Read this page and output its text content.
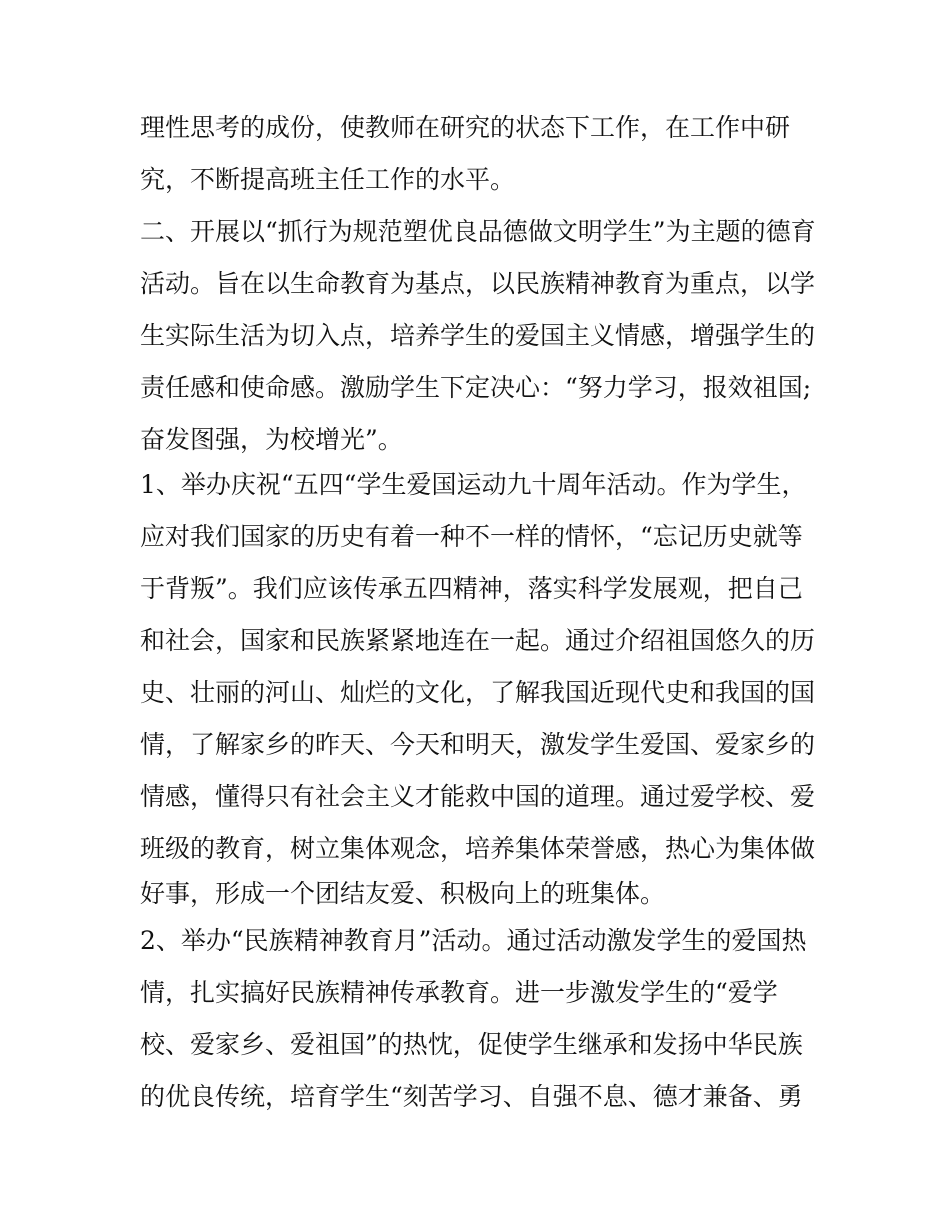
理性思考的成份，使教师在研究的状态下工作，在工作中研
究，不断提高班主任工作的水平。
二、开展以“抓行为规范塑优良品德做文明学生”为主题的德育
活动。旨在以生命教育为基点，以民族精神教育为重点，以学
生实际生活为切入点，培养学生的爱国主义情感，增强学生的
责任感和使命感。激励学生下定决心：“努力学习，报效祖国;
奋发图强，为校增光”。
1、举办庆祝“五四“学生爱国运动九十周年活动。作为学生，
应对我们国家的历史有着一种不一样的情怀，“忘记历史就等
于背叛”。我们应该传承五四精神，落实科学发展观，把自己
和社会，国家和民族紧紧地连在一起。通过介绍祖国悠久的历
史、壮丽的河山、灿烂的文化，了解我国近现代史和我国的国
情，了解家乡的昨天、今天和明天，激发学生爱国、爱家乡的
情感，懂得只有社会主义才能救中国的道理。通过爱学校、爱
班级的教育，树立集体观念，培养集体荣誉感，热心为集体做
好事，形成一个团结友爱、积极向上的班集体。
2、举办“民族精神教育月”活动。通过活动激发学生的爱国热
情，扎实搞好民族精神传承教育。进一步激发学生的“爱学
校、爱家乡、爱祖国”的热忱，促使学生继承和发扬中华民族
的优良传统，培育学生“刻苦学习、自强不息、德才兼备、勇
